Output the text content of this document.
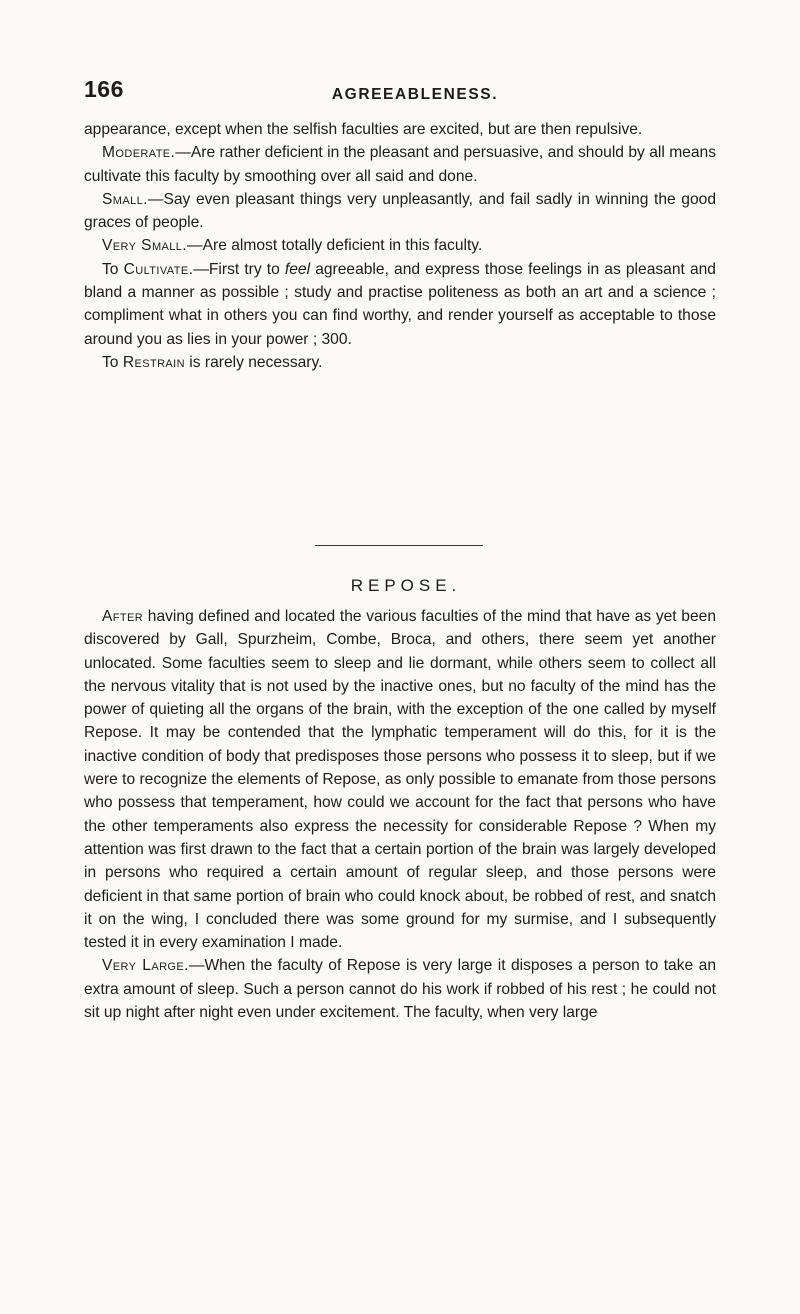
166	AGREEABLENESS.

appearance, except when the selfish faculties are excited, but are then repulsive.

Moderate.—Are rather deficient in the pleasant and persuasive, and should by all means cultivate this faculty by smoothing over all said and done.

Small.—Say even pleasant things very unpleasantly, and fail sadly in winning the good graces of people.

Very Small.—Are almost totally deficient in this faculty.

To Cultivate.—First try to feel agreeable, and express those feelings in as pleasant and bland a manner as possible ; study and practise politeness as both an art and a science ; compliment what in others you can find worthy, and render yourself as acceptable to those around you as lies in your power ; 300.

To Restrain is rarely necessary.

REPOSE.

After having defined and located the various faculties of the mind that have as yet been discovered by Gall, Spurzheim, Combe, Broca, and others, there seem yet another unlocated. Some faculties seem to sleep and lie dormant, while others seem to collect all the nervous vitality that is not used by the inactive ones, but no faculty of the mind has the power of quieting all the organs of the brain, with the exception of the one called by myself Repose. It may be contended that the lymphatic temperament will do this, for it is the inactive condition of body that predisposes those persons who possess it to sleep, but if we were to recognize the elements of Repose, as only possible to emanate from those persons who possess that temperament, how could we account for the fact that persons who have the other temperaments also express the necessity for considerable Repose ? When my attention was first drawn to the fact that a certain portion of the brain was largely developed in persons who required a certain amount of regular sleep, and those persons were deficient in that same portion of brain who could knock about, be robbed of rest, and snatch it on the wing, I concluded there was some ground for my surmise, and I subsequently tested it in every examination I made.

Very Large.—When the faculty of Repose is very large it disposes a person to take an extra amount of sleep. Such a person cannot do his work if robbed of his rest ; he could not sit up night after night even under excitement. The faculty, when very large
